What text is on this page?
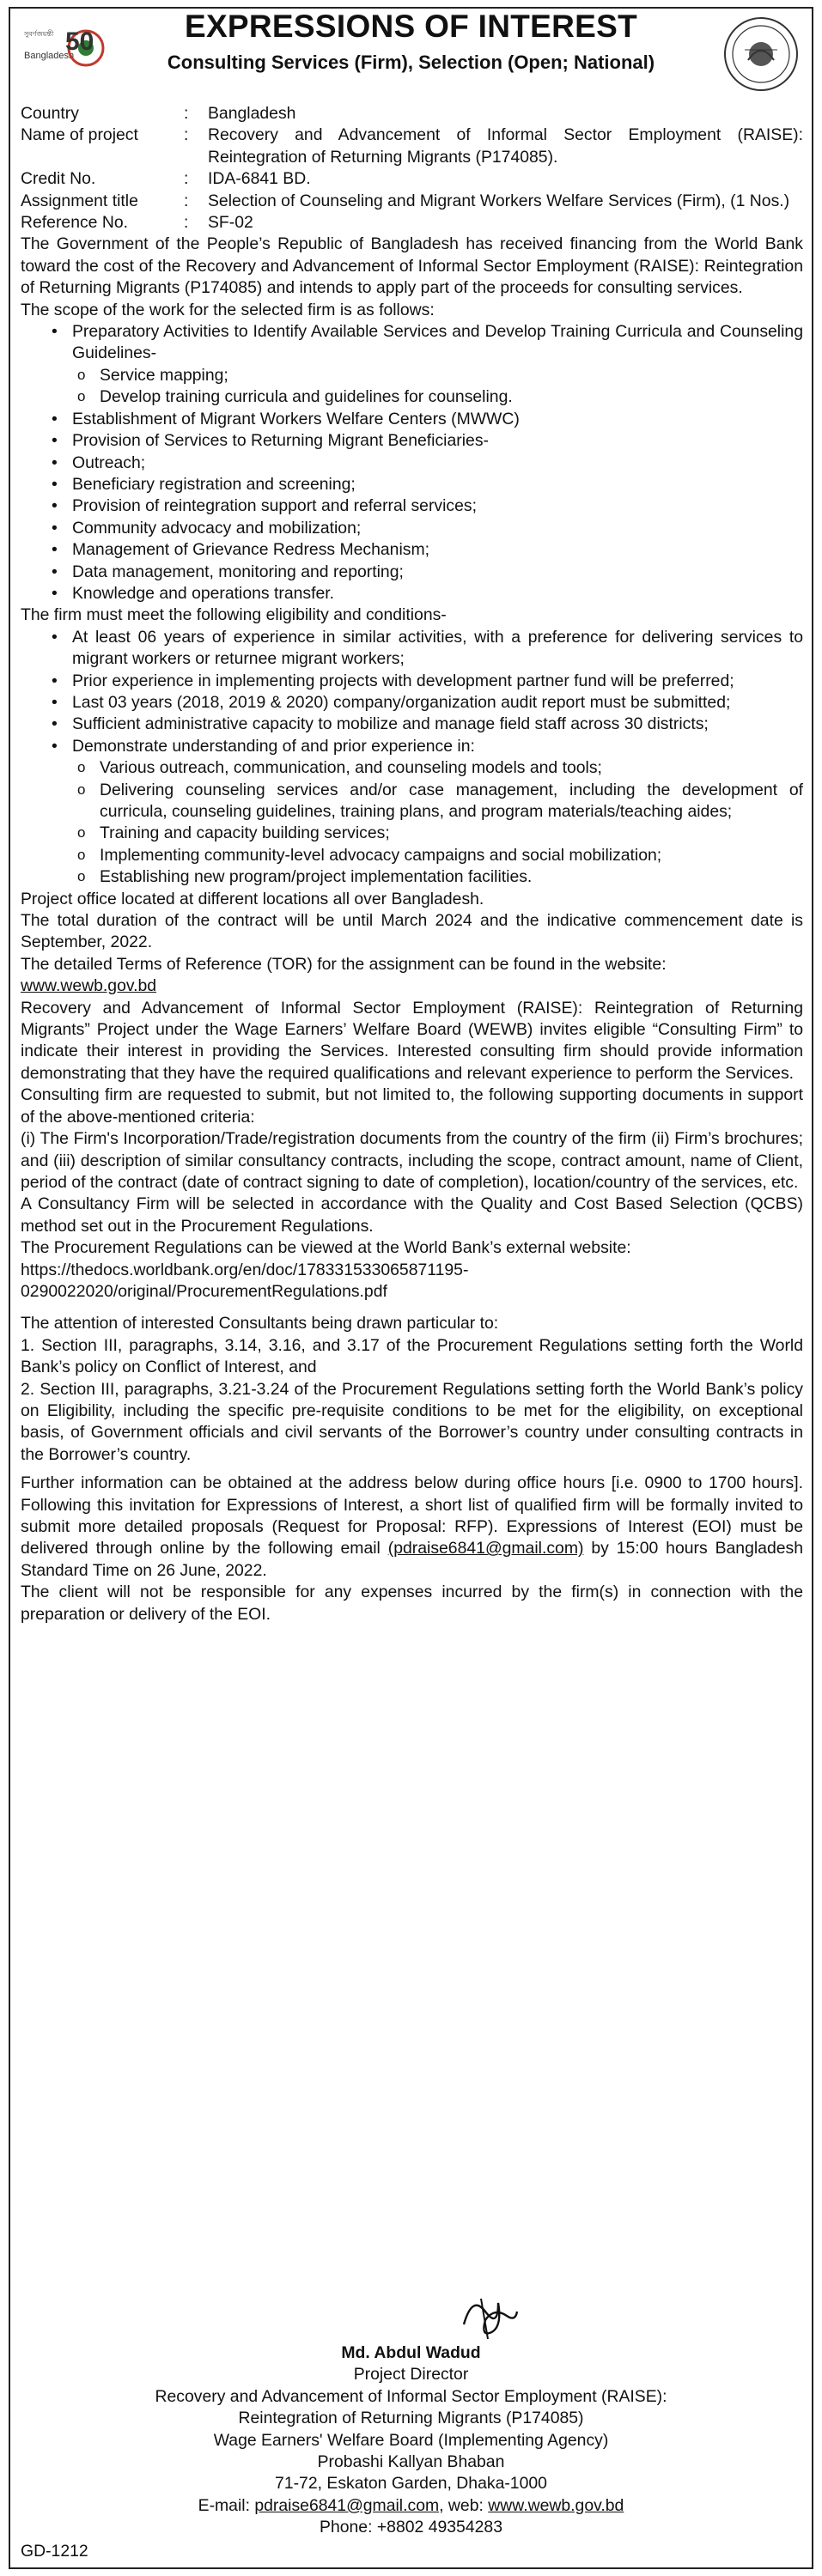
সুবর্ণজয়ন্তী
Bangladesh
50	EXPRESSIONS OF INTEREST
Consulting Services (Firm), Selection (Open; National)
Country	:	Bangladesh
Name of project	:	Recovery and Advancement of Informal Sector Employment (RAISE): Reintegration of Returning Migrants (P174085).
Credit No.	:	IDA-6841 BD.
Assignment title	:	Selection of Counseling and Migrant Workers Welfare Services (Firm), (1 Nos.)
Reference No.	:	SF-02

The Government of the People’s Republic of Bangladesh has received financing from the World Bank toward the cost of the Recovery and Advancement of Informal Sector Employment (RAISE): Reintegration of Returning Migrants (P174085) and intends to apply part of the proceeds for consulting services.

The scope of the work for the selected firm is as follows:

• Preparatory Activities to Identify Available Services and Develop Training Curricula and Counseling Guidelines-
o Service mapping;
o Develop training curricula and guidelines for counseling.
• Establishment of Migrant Workers Welfare Centers (MWWC)
• Provision of Services to Returning Migrant Beneficiaries-
• Outreach;
• Beneficiary registration and screening;
• Provision of reintegration support and referral services;
• Community advocacy and mobilization;
• Management of Grievance Redress Mechanism;
• Data management, monitoring and reporting;
• Knowledge and operations transfer.

The firm must meet the following eligibility and conditions-

• At least 06 years of experience in similar activities, with a preference for delivering services to migrant workers or returnee migrant workers;
• Prior experience in implementing projects with development partner fund will be preferred;
• Last 03 years (2018, 2019 & 2020) company/organization audit report must be submitted;
• Sufficient administrative capacity to mobilize and manage field staff across 30 districts;
• Demonstrate understanding of and prior experience in:
o Various outreach, communication, and counseling models and tools;
o Delivering counseling services and/or case management, including the development of curricula, counseling guidelines, training plans, and program materials/teaching aides;
o Training and capacity building services;
o Implementing community-level advocacy campaigns and social mobilization;
o Establishing new program/project implementation facilities.

Project office located at different locations all over Bangladesh.

The total duration of the contract will be until March 2024 and the indicative commencement date is September, 2022.

The detailed Terms of Reference (TOR) for the assignment can be found in the website:

www.wewb.gov.bd

Recovery and Advancement of Informal Sector Employment (RAISE): Reintegration of Returning Migrants” Project under the Wage Earners’ Welfare Board (WEWB) invites eligible “Consulting Firm” to indicate their interest in providing the Services. Interested consulting firm should provide information demonstrating that they have the required qualifications and relevant experience to perform the Services.

Consulting firm are requested to submit, but not limited to, the following supporting documents in support of the above-mentioned criteria:

(i) The Firm's Incorporation/Trade/registration documents from the country of the firm (ii) Firm’s brochures; and (iii) description of similar consultancy contracts, including the scope, contract amount, name of Client, period of the contract (date of contract signing to date of completion), location/country of the services, etc.

A Consultancy Firm will be selected in accordance with the Quality and Cost Based Selection (QCBS) method set out in the Procurement Regulations.

The Procurement Regulations can be viewed at the World Bank’s external website:

https://thedocs.worldbank.org/en/doc/178331533065871195-

0290022020/original/ProcurementRegulations.pdf

The attention of interested Consultants being drawn particular to:

1. Section III, paragraphs, 3.14, 3.16, and 3.17 of the Procurement Regulations setting forth the World Bank’s policy on Conflict of Interest, and

2. Section III, paragraphs, 3.21-3.24 of the Procurement Regulations setting forth the World Bank’s policy on Eligibility, including the specific pre-requisite conditions to be met for the eligibility, on exceptional basis, of Government officials and civil servants of the Borrower’s country under consulting contracts in the Borrower’s country.

Further information can be obtained at the address below during office hours [i.e. 0900 to 1700 hours]. Following this invitation for Expressions of Interest, a short list of qualified firm will be formally invited to submit more detailed proposals (Request for Proposal: RFP). Expressions of Interest (EOI) must be delivered through online by the following email (pdraise6841@gmail.com) by 15:00 hours Bangladesh Standard Time on 26 June, 2022.

The client will not be responsible for any expenses incurred by the firm(s) in connection with the preparation or delivery of the EOI.

Md. Abdul Wadud
Project Director
Recovery and Advancement of Informal Sector Employment (RAISE):
Reintegration of Returning Migrants (P174085)
Wage Earners' Welfare Board (Implementing Agency)
Probashi Kallyan Bhaban
71-72, Eskaton Garden, Dhaka-1000
E-mail: pdraise6841@gmail.com, web: www.wewb.gov.bd
Phone: +8802 49354283
GD-1212
